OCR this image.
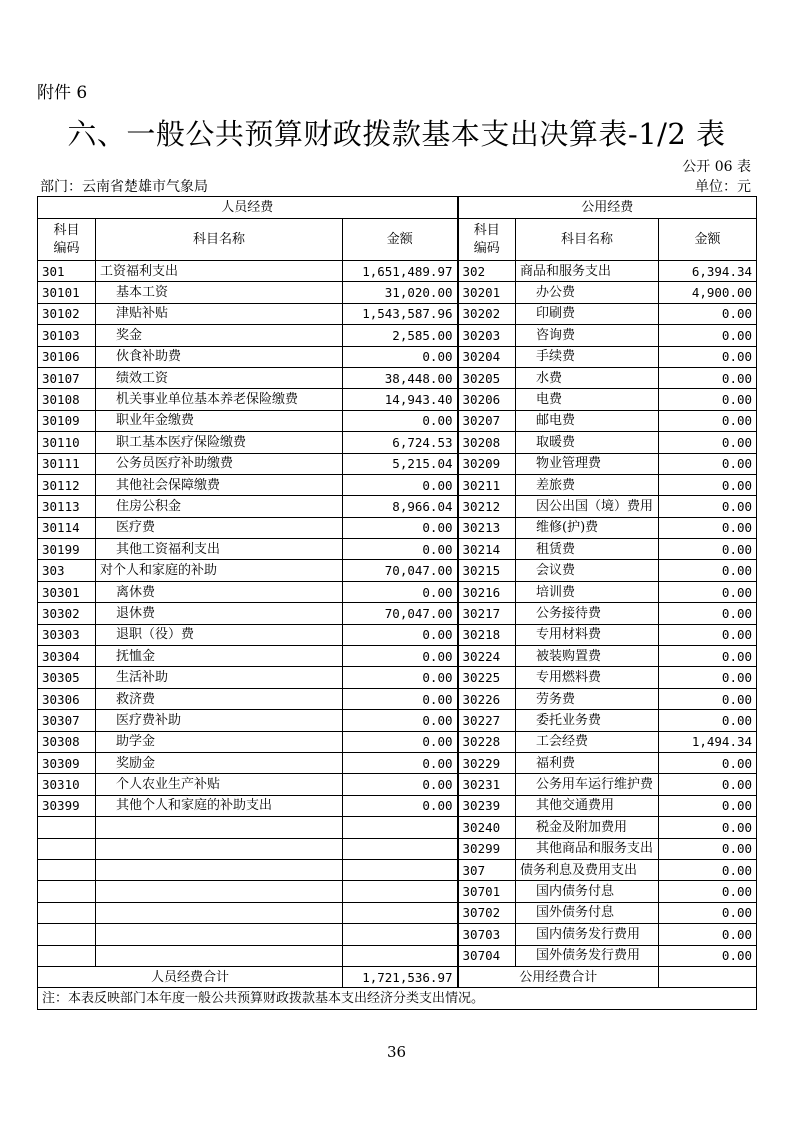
附件 6
六、一般公共预算财政拨款基本支出决算表-1/2 表
公开 06 表
部门：云南省楚雄市气象局	单位：元
人员经费			公用经费		
科目
编码	科目名称	金额	科目
编码	科目名称	金额
301	工资福利支出	1,651,489.97	302	商品和服务支出	6,394.34
30101	基本工资	31,020.00	30201	办公费	4,900.00
30102	津贴补贴	1,543,587.96	30202	印刷费	0.00
30103	奖金	2,585.00	30203	咨询费	0.00
30106	伙食补助费	0.00	30204	手续费	0.00
30107	绩效工资	38,448.00	30205	水费	0.00
30108	机关事业单位基本养老保险缴费	14,943.40	30206	电费	0.00
30109	职业年金缴费	0.00	30207	邮电费	0.00
30110	职工基本医疗保险缴费	6,724.53	30208	取暖费	0.00
30111	公务员医疗补助缴费	5,215.04	30209	物业管理费	0.00
30112	其他社会保障缴费	0.00	30211	差旅费	0.00
30113	住房公积金	8,966.04	30212	因公出国（境）费用	0.00
30114	医疗费	0.00	30213	维修(护)费	0.00
30199	其他工资福利支出	0.00	30214	租赁费	0.00
303	对个人和家庭的补助	70,047.00	30215	会议费	0.00
30301	离休费	0.00	30216	培训费	0.00
30302	退休费	70,047.00	30217	公务接待费	0.00
30303	退职（役）费	0.00	30218	专用材料费	0.00
30304	抚恤金	0.00	30224	被装购置费	0.00
30305	生活补助	0.00	30225	专用燃料费	0.00
30306	救济费	0.00	30226	劳务费	0.00
30307	医疗费补助	0.00	30227	委托业务费	0.00
30308	助学金	0.00	30228	工会经费	1,494.34
30309	奖励金	0.00	30229	福利费	0.00
30310	个人农业生产补贴	0.00	30231	公务用车运行维护费	0.00
30399	其他个人和家庭的补助支出	0.00	30239	其他交通费用	0.00
			30240	税金及附加费用	0.00
			30299	其他商品和服务支出	0.00
			307	债务利息及费用支出	0.00
			30701	国内债务付息	0.00
			30702	国外债务付息	0.00
			30703	国内债务发行费用	0.00
			30704	国外债务发行费用	0.00
人员经费合计		1,721,536.97	公用经费合计		
注：本表反映部门本年度一般公共预算财政拨款基本支出经济分类支出情况。					
36
